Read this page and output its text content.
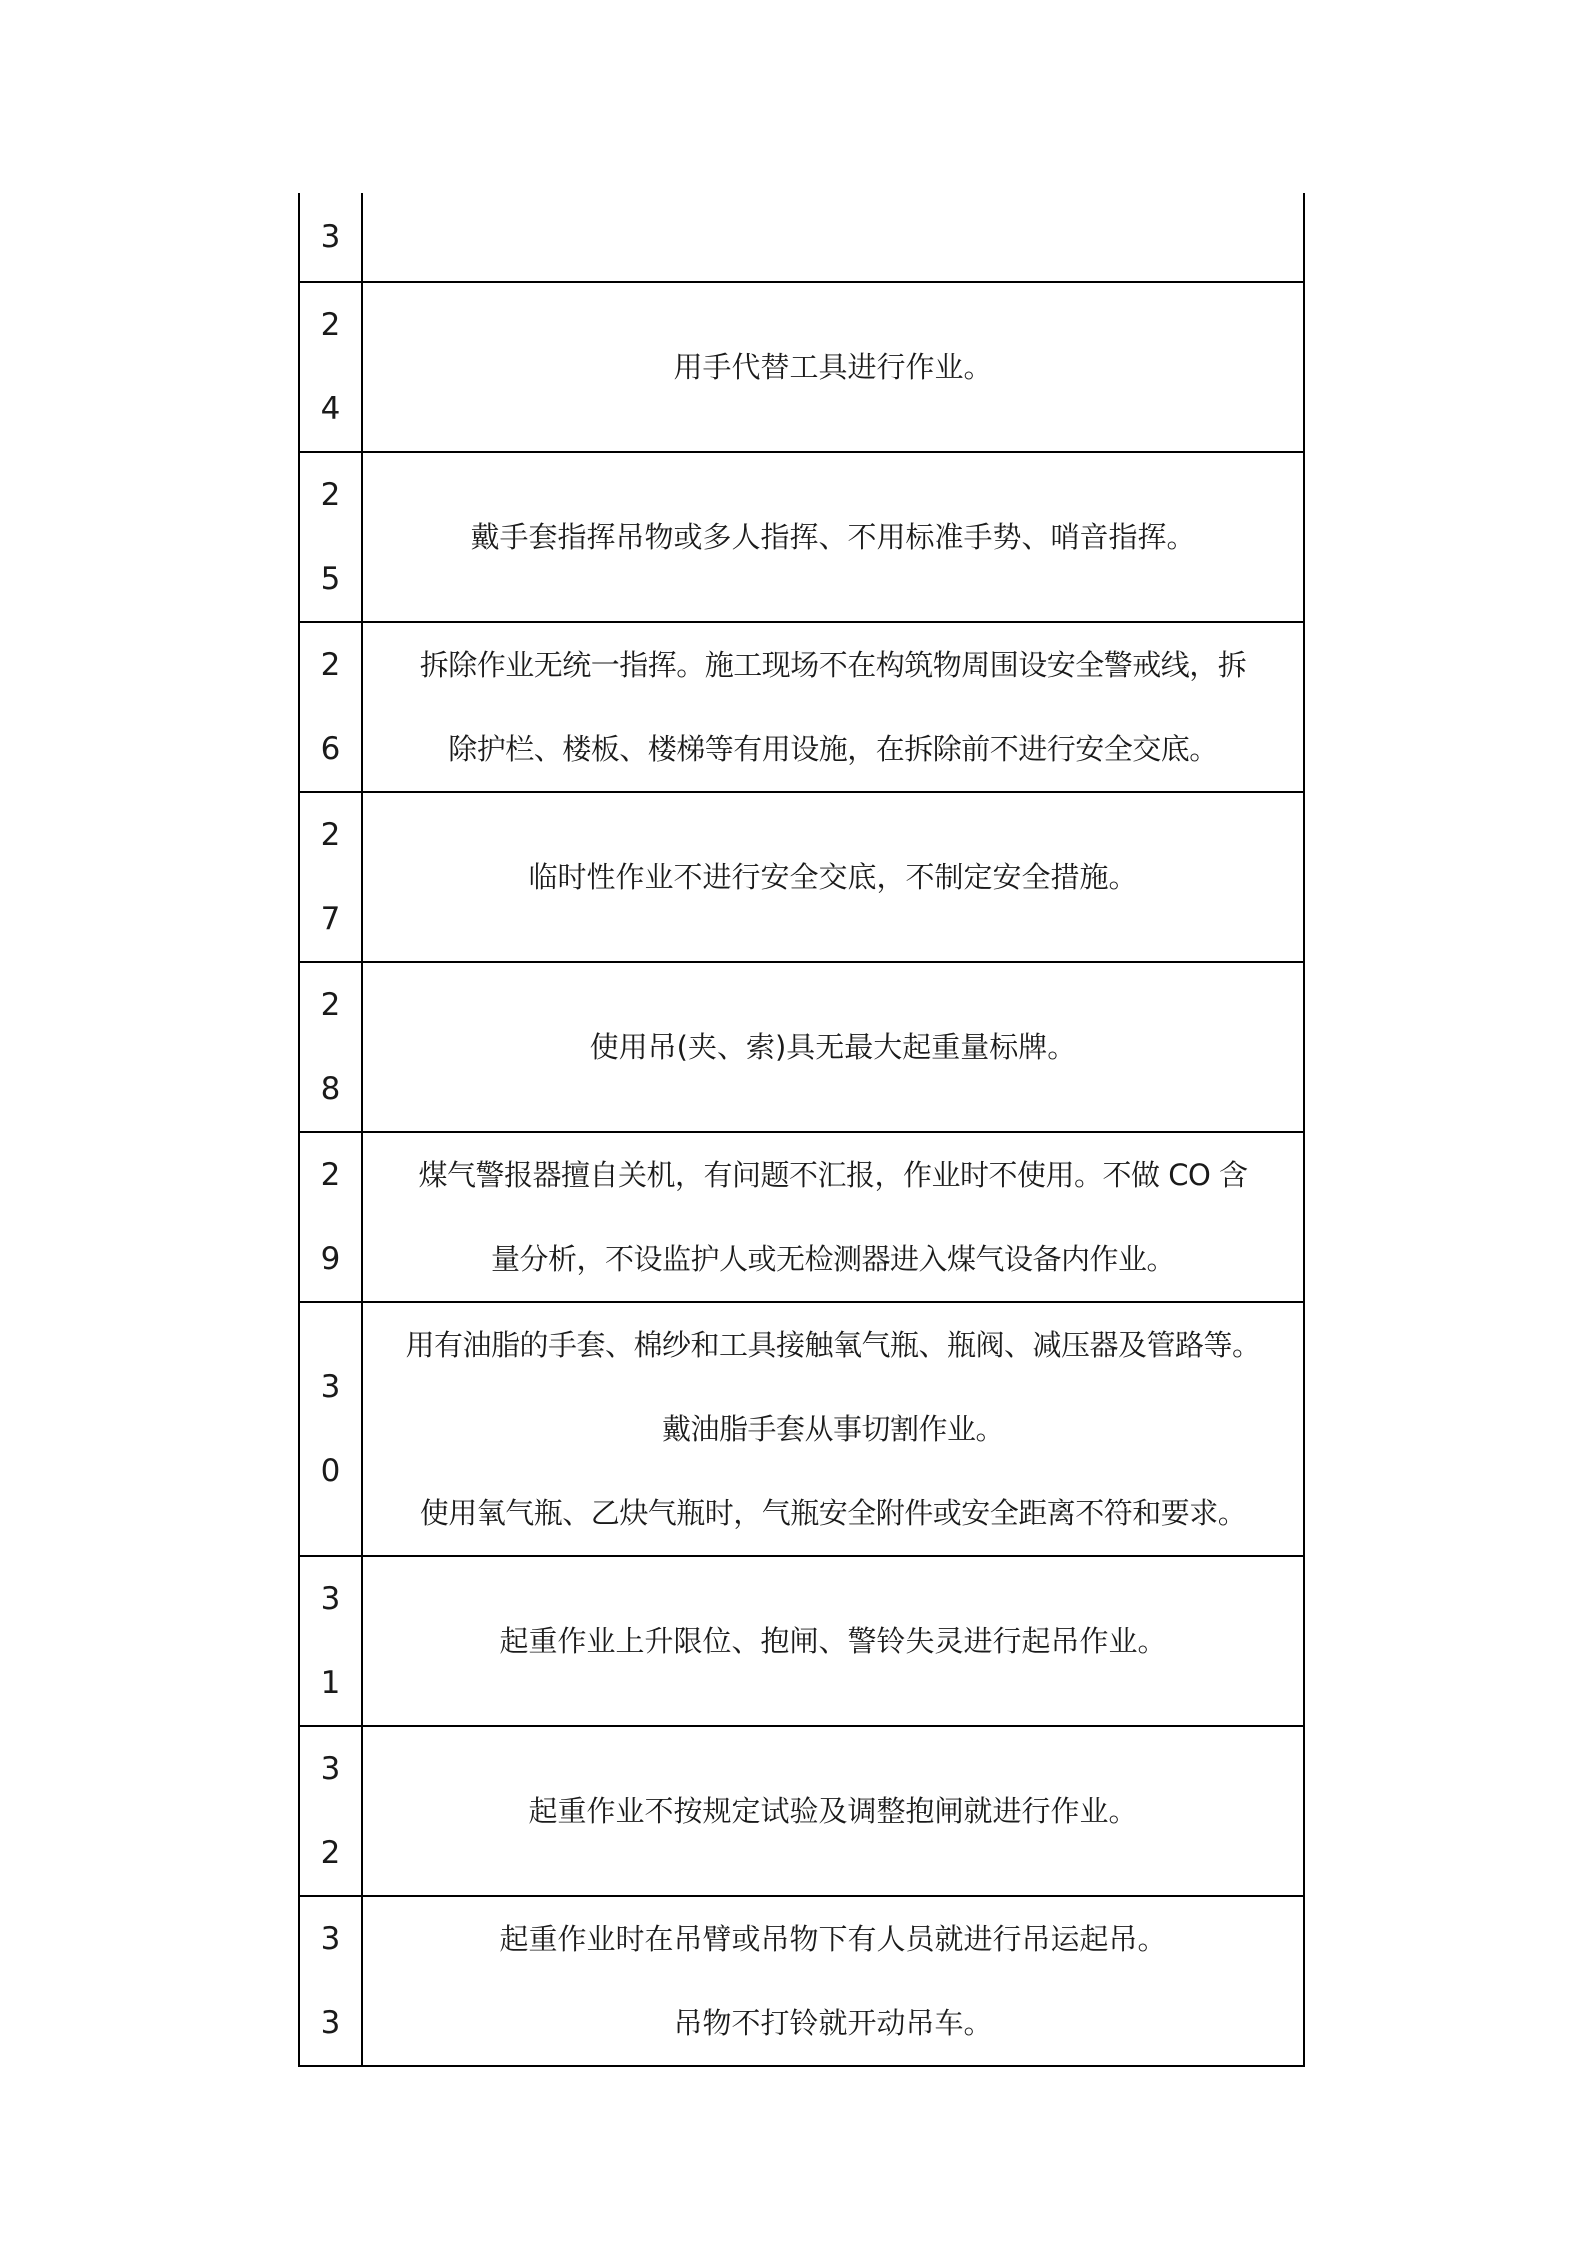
3	

2
4	用手代替工具进行作业。

2
5	戴手套指挥吊物或多人指挥、不用标准手势、哨音指挥。

2
6	拆除作业无统一指挥。施工现场不在构筑物周围设安全警戒线，拆
除护栏、楼板、楼梯等有用设施，在拆除前不进行安全交底。

2
7	临时性作业不进行安全交底，不制定安全措施。

2
8	使用吊(夹、索)具无最大起重量标牌。

2
9	煤气警报器擅自关机，有问题不汇报，作业时不使用。不做 CO 含
量分析，不设监护人或无检测器进入煤气设备内作业。

3
0	用有油脂的手套、棉纱和工具接触氧气瓶、瓶阀、减压器及管路等。
戴油脂手套从事切割作业。
使用氧气瓶、乙炔气瓶时，气瓶安全附件或安全距离不符和要求。

3
1	起重作业上升限位、抱闸、警铃失灵进行起吊作业。

3
2	起重作业不按规定试验及调整抱闸就进行作业。

3
3	起重作业时在吊臂或吊物下有人员就进行吊运起吊。
吊物不打铃就开动吊车。
